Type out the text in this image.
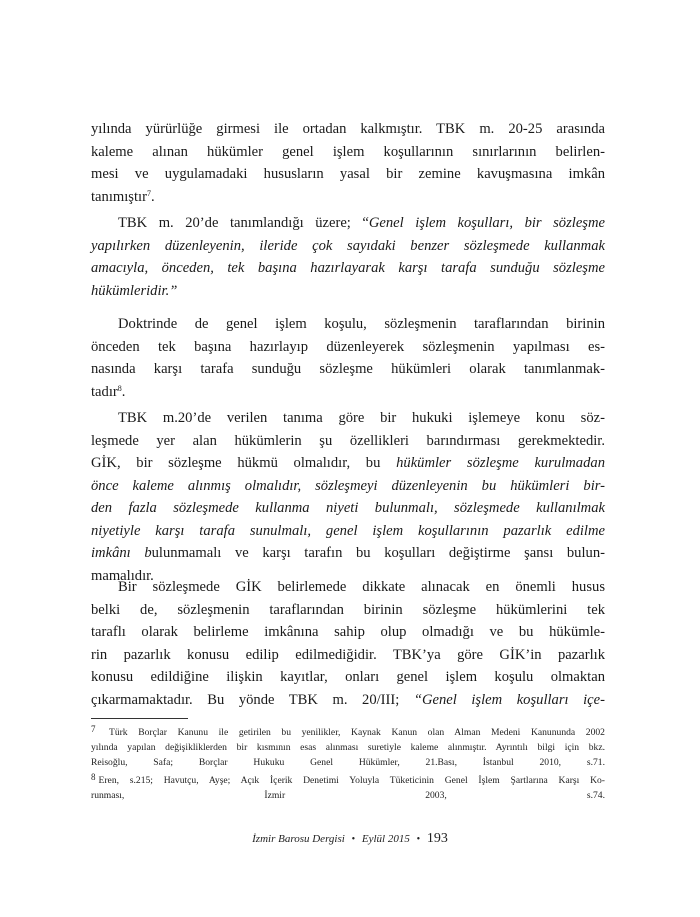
yılında yürürlüğe girmesi ile ortadan kalkmıştır. TBK m. 20-25 arasında
kaleme alınan hükümler genel işlem koşullarının sınırlarının belirlen-
mesi ve uygulamadaki hususların yasal bir zemine kavuşmasına imkân
tanımıştır$^7$.
TBK m. 20’de tanımlandığı üzere; “Genel işlem koşulları, bir sözleşme
yapılırken düzenleyenin, ileride çok sayıdaki benzer sözleşmede kullanmak
amacıyla, önceden, tek başına hazırlayarak karşı tarafa sunduğu sözleşme
hükümleridir.”
Doktrinde de genel işlem koşulu, sözleşmenin taraflarından birinin
önceden tek başına hazırlayıp düzenleyerek sözleşmenin yapılması es-
nasında karşı tarafa sunduğu sözleşme hükümleri olarak tanımlanmak-
tadır$^8$.
TBK m.20’de verilen tanıma göre bir hukuki işlemeye konu söz-
leşmede yer alan hükümlerin şu özellikleri barındırması gerekmektedir.
GİK, bir sözleşme hükmü olmalıdır, bu hükümler sözleşme kurulmadan
önce kaleme alınmış olmalıdır, sözleşmeyi düzenleyenin bu hükümleri bir-
den fazla sözleşmede kullanma niyeti bulunmalı, sözleşmede kullanılmak
niyetiyle karşı tarafa sunulmalı, genel işlem koşullarının pazarlık edilme
imkânı bulunmamalı ve karşı tarafın bu koşulları değiştirme şansı bulun-
mamalıdır.
Bir sözleşmede GİK belirlemede dikkate alınacak en önemli husus
belki de, sözleşmenin taraflarından birinin sözleşme hükümlerini tek
taraflı olarak belirleme imkânına sahip olup olmadığı ve bu hükümle-
rin pazarlık konusu edilip edilmediğidir. TBK’ya göre GİK’in pazarlık
konusu edildiğine ilişkin kayıtlar, onları genel işlem koşulu olmaktan
çıkarmamaktadır. Bu yönde TBK m. 20/III; “Genel işlem koşulları içe-
7 Türk Borçlar Kanunu ile getirilen bu yenilikler, Kaynak Kanun olan Alman Medeni Kanununda 2002
yılında yapılan değişikliklerden bir kısmının esas alınması suretiyle kaleme alınmıştır. Ayrıntılı bilgi için bkz.
Reisoğlu, Safa; Borçlar Hukuku Genel Hükümler, 21.Bası, İstanbul 2010, s.71.
8 Eren, s.215; Havutçu, Ayşe; Açık İçerik Denetimi Yoluyla Tüketicinin Genel İşlem Şartlarına Karşı Ko-
runması, İzmir 2003, s.74.
İzmir Barosu Dergisi • Eylül 2015 • 193
